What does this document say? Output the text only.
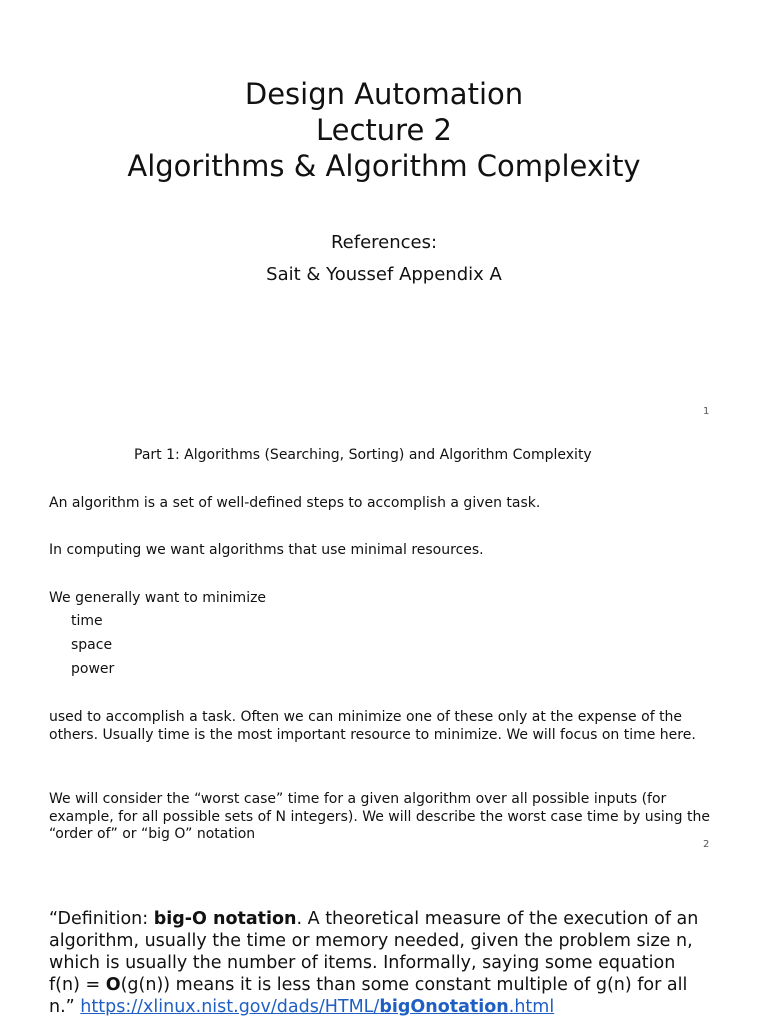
Design Automation
Lecture 2
Algorithms & Algorithm Complexity
References:
Sait & Youssef Appendix A
1
Part 1: Algorithms (Searching, Sorting) and Algorithm Complexity
An algorithm is a set of well-defined steps to accomplish a given task.
In computing we want algorithms that use minimal resources.
We generally want to minimize
time
space
power
used to accomplish a task. Often we can minimize one of these only at the expense of the others. Usually time is the most important resource to minimize. We will focus on time here.
We will consider the “worst case” time for a given algorithm over all possible inputs (for example, for all possible sets of N integers). We will describe the worst case time by using the “order of” or “big O” notation
2
“Definition: big-O notation. A theoretical measure of the execution of an algorithm, usually the time or memory needed, given the problem size n, which is usually the number of items. Informally, saying some equation f(n) = O(g(n)) means it is less than some constant multiple of g(n) for all n.” https://xlinux.nist.gov/dads/HTML/bigOnotation.html
